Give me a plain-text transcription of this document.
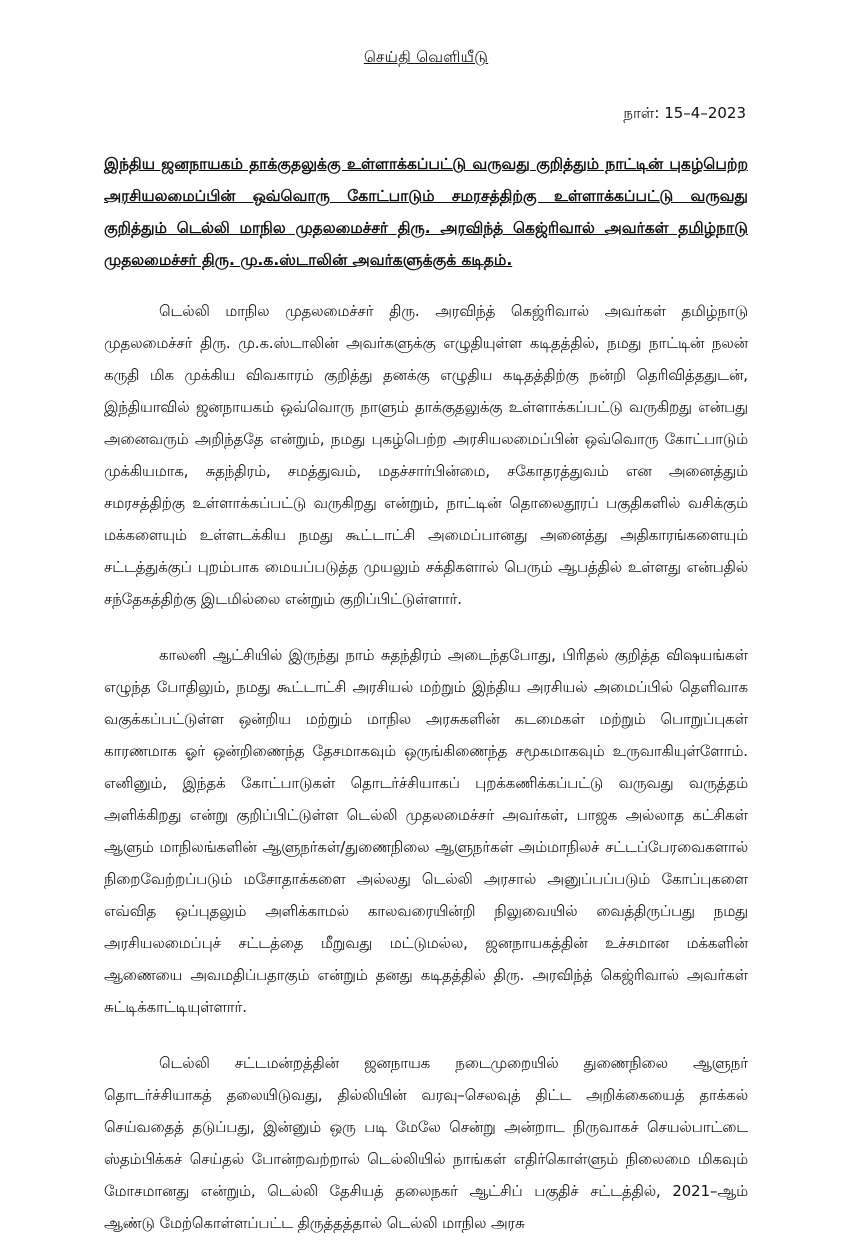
செய்தி வெளியீடு
நாள்: 15–4–2023

இந்திய ஜனநாயகம் தாக்குதலுக்கு உள்ளாக்கப்பட்டு வருவது குறித்தும் நாட்டின் புகழ்பெற்ற அரசியலமைப்பின் ஒவ்வொரு கோட்பாடும் சமரசத்திற்கு உள்ளாக்கப்பட்டு வருவது குறித்தும் டெல்லி மாநில முதலமைச்சர் திரு. அரவிந்த் கெஜ்ரிவால் அவர்கள் தமிழ்நாடு முதலமைச்சர் திரு. மு.க.ஸ்டாலின் அவர்களுக்குக் கடிதம்.

டெல்லி மாநில முதலமைச்சர் திரு. அரவிந்த் கெஜ்ரிவால் அவர்கள் தமிழ்நாடு முதலமைச்சர் திரு. மு.க.ஸ்டாலின் அவர்களுக்கு எழுதியுள்ள கடிதத்தில், நமது நாட்டின் நலன் கருதி மிக முக்கிய விவகாரம் குறித்து தனக்கு எழுதிய கடிதத்திற்கு நன்றி தெரிவித்ததுடன், இந்தியாவில் ஜனநாயகம் ஒவ்வொரு நாளும் தாக்குதலுக்கு உள்ளாக்கப்பட்டு வருகிறது என்பது அனைவரும் அறிந்ததே என்றும், நமது புகழ்பெற்ற அரசியலமைப்பின் ஒவ்வொரு கோட்பாடும் முக்கியமாக, சுதந்திரம், சமத்துவம், மதச்சார்பின்மை, சகோதரத்துவம் என அனைத்தும் சமரசத்திற்கு உள்ளாக்கப்பட்டு வருகிறது என்றும், நாட்டின் தொலைதூரப் பகுதிகளில் வசிக்கும் மக்களையும் உள்ளடக்கிய நமது கூட்டாட்சி அமைப்பானது அனைத்து அதிகாரங்களையும் சட்டத்துக்குப் புறம்பாக மையப்படுத்த முயலும் சக்திகளால் பெரும் ஆபத்தில் உள்ளது என்பதில் சந்தேகத்திற்கு இடமில்லை என்றும் குறிப்பிட்டுள்ளார்.

காலனி ஆட்சியில் இருந்து நாம் சுதந்திரம் அடைந்தபோது, பிரிதல் குறித்த விஷயங்கள் எழுந்த போதிலும், நமது கூட்டாட்சி அரசியல் மற்றும் இந்திய அரசியல் அமைப்பில் தெளிவாக வகுக்கப்பட்டுள்ள ஒன்றிய மற்றும் மாநில அரசுகளின் கடமைகள் மற்றும் பொறுப்புகள் காரணமாக ஓர் ஒன்றிணைந்த தேசமாகவும் ஒருங்கிணைந்த சமூகமாகவும் உருவாகியுள்ளோம். எனினும், இந்தக் கோட்பாடுகள் தொடர்ச்சியாகப் புறக்கணிக்கப்பட்டு வருவது வருத்தம் அளிக்கிறது என்று குறிப்பிட்டுள்ள டெல்லி முதலமைச்சர் அவர்கள், பாஜக அல்லாத கட்சிகள் ஆளும் மாநிலங்களின் ஆளுநர்கள்/துணைநிலை ஆளுநர்கள் அம்மாநிலச் சட்டப்பேரவைகளால் நிறைவேற்றப்படும் மசோதாக்களை அல்லது டெல்லி அரசால் அனுப்பப்படும் கோப்புகளை எவ்வித ஒப்புதலும் அளிக்காமல் காலவரையின்றி நிலுவையில் வைத்திருப்பது நமது அரசியலமைப்புச் சட்டத்தை மீறுவது மட்டுமல்ல, ஜனநாயகத்தின் உச்சமான மக்களின் ஆணையை அவமதிப்பதாகும் என்றும் தனது கடிதத்தில் திரு. அரவிந்த் கெஜ்ரிவால் அவர்கள் சுட்டிக்காட்டியுள்ளார்.

டெல்லி சட்டமன்றத்தின் ஜனநாயக நடைமுறையில் துணைநிலை ஆளுநர் தொடர்ச்சியாகத் தலையிடுவது, தில்லியின் வரவு–செலவுத் திட்ட அறிக்கையைத் தாக்கல் செய்வதைத் தடுப்பது, இன்னும் ஒரு படி மேலே சென்று அன்றாட நிருவாகச் செயல்பாட்டை ஸ்தம்பிக்கச் செய்தல் போன்றவற்றால் டெல்லியில் நாங்கள் எதிர்கொள்ளும் நிலைமை மிகவும் மோசமானது என்றும், டெல்லி தேசியத் தலைநகர் ஆட்சிப் பகுதிச் சட்டத்தில், 2021–ஆம் ஆண்டு மேற்கொள்ளப்பட்ட திருத்தத்தால் டெல்லி மாநில அரசு
